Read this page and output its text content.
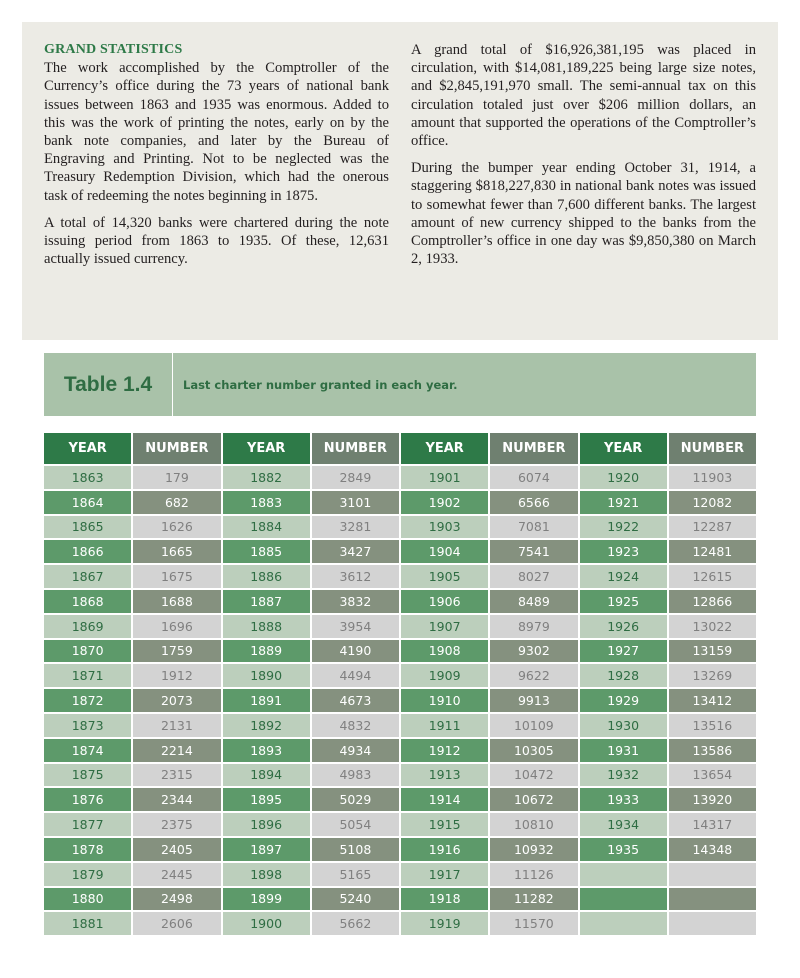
GRAND STATISTICS
The work accomplished by the Comptroller of the Currency’s office during the 73 years of national bank issues between 1863 and 1935 was enormous. Added to this was the work of printing the notes, early on by the bank note companies, and later by the Bureau of Engraving and Printing. Not to be neglected was the Treasury Redemption Division, which had the onerous task of redeeming the notes beginning in 1875.

A total of 14,320 banks were chartered during the note issuing period from 1863 to 1935. Of these, 12,631 actually issued currency.

A grand total of $16,926,381,195 was placed in circulation, with $14,081,189,225 being large size notes, and $2,845,191,970 small. The semi-annual tax on this circulation totaled just over $206 million dollars, an amount that supported the operations of the Comptroller’s office.

During the bumper year ending October 31, 1914, a staggering $818,227,830 in national bank notes was issued to somewhat fewer than 7,600 different banks. The largest amount of new currency shipped to the banks from the Comptroller’s office in one day was $9,850,380 on March 2, 1933.

Table 1.4	Last charter number granted in each year.
YEAR	NUMBER	YEAR	NUMBER	YEAR	NUMBER	YEAR	NUMBER
1863	179	1882	2849	1901	6074	1920	11903
1864	682	1883	3101	1902	6566	1921	12082
1865	1626	1884	3281	1903	7081	1922	12287
1866	1665	1885	3427	1904	7541	1923	12481
1867	1675	1886	3612	1905	8027	1924	12615
1868	1688	1887	3832	1906	8489	1925	12866
1869	1696	1888	3954	1907	8979	1926	13022
1870	1759	1889	4190	1908	9302	1927	13159
1871	1912	1890	4494	1909	9622	1928	13269
1872	2073	1891	4673	1910	9913	1929	13412
1873	2131	1892	4832	1911	10109	1930	13516
1874	2214	1893	4934	1912	10305	1931	13586
1875	2315	1894	4983	1913	10472	1932	13654
1876	2344	1895	5029	1914	10672	1933	13920
1877	2375	1896	5054	1915	10810	1934	14317
1878	2405	1897	5108	1916	10932	1935	14348
1879	2445	1898	5165	1917	11126		
1880	2498	1899	5240	1918	11282		
1881	2606	1900	5662	1919	11570		
